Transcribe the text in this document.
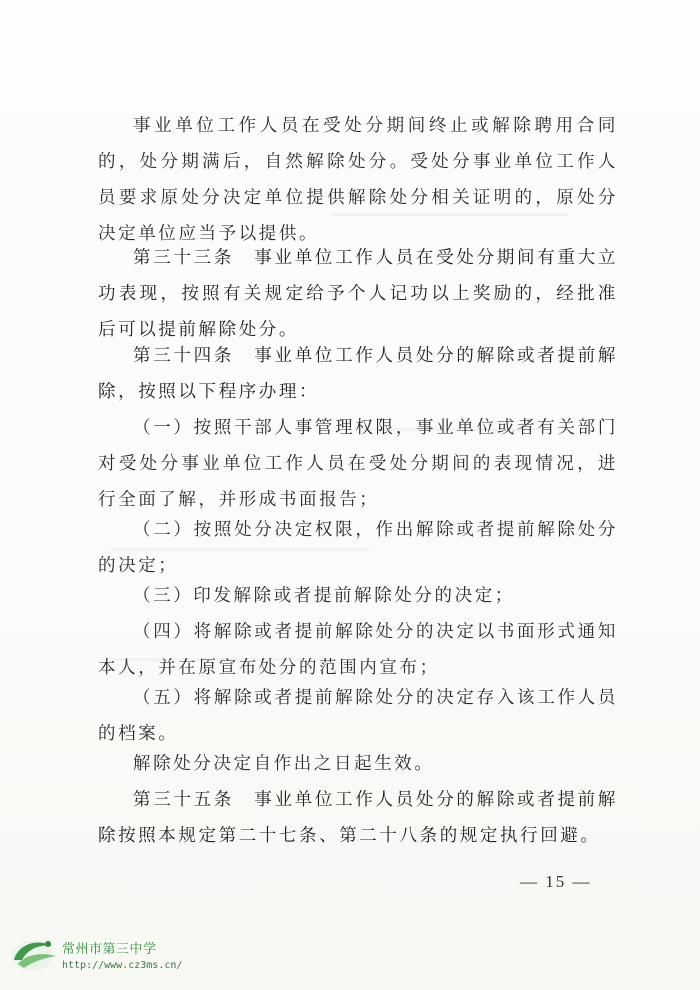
事业单位工作人员在受处分期间终止或解除聘用合同的，处分期满后，自然解除处分。受处分事业单位工作人员要求原处分决定单位提供解除处分相关证明的，原处分决定单位应当予以提供。

第三十三条　事业单位工作人员在受处分期间有重大立功表现，按照有关规定给予个人记功以上奖励的，经批准后可以提前解除处分。

第三十四条　事业单位工作人员处分的解除或者提前解除，按照以下程序办理：

（一）按照干部人事管理权限，事业单位或者有关部门对受处分事业单位工作人员在受处分期间的表现情况，进行全面了解，并形成书面报告；

（二）按照处分决定权限，作出解除或者提前解除处分的决定；

（三）印发解除或者提前解除处分的决定；

（四）将解除或者提前解除处分的决定以书面形式通知本人，并在原宣布处分的范围内宣布；

（五）将解除或者提前解除处分的决定存入该工作人员的档案。

解除处分决定自作出之日起生效。

第三十五条　事业单位工作人员处分的解除或者提前解除按照本规定第二十七条、第二十八条的规定执行回避。

— 15 —
常州市第三中学
http://www.cz3ms.cn/
